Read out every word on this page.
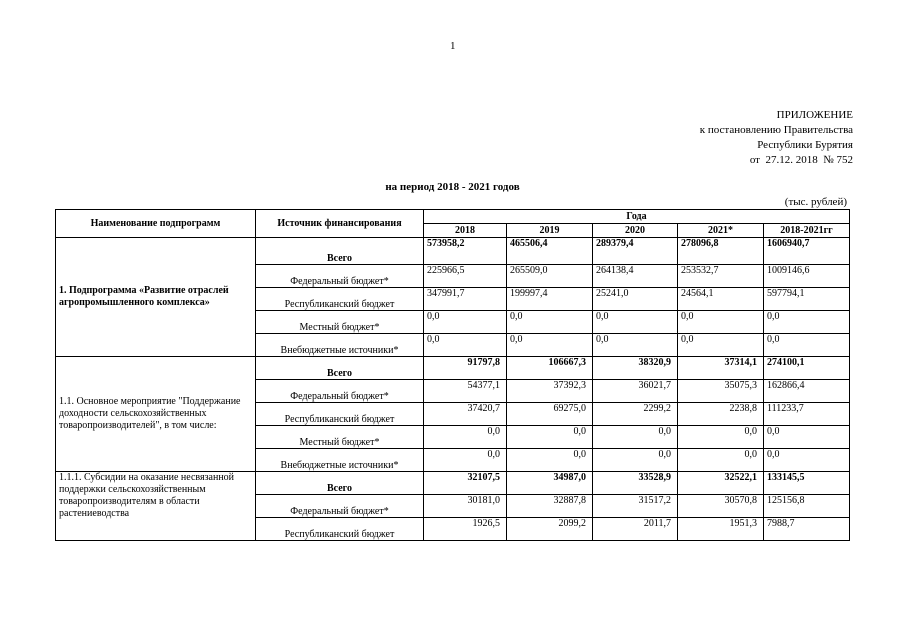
1
ПРИЛОЖЕНИЕ
к постановлению Правительства
Республики Бурятия
от  27.12. 2018  № 752
на период 2018 - 2021 годов
(тыс. рублей)
Наименование подпрограмм	Источник финансирования	Года				
		2018	2019	2020	2021*	2018-2021гг
1. Подпрограмма «Развитие отраслей агропромышленного комплекса»	Всего	573958,2	465506,4	289379,4	278096,8	1606940,7
	Федеральный бюджет*	225966,5	265509,0	264138,4	253532,7	1009146,6
	Республиканский бюджет	347991,7	199997,4	25241,0	24564,1	597794,1
	Местный бюджет*	0,0	0,0	0,0	0,0	0,0
	Внебюджетные источники*	0,0	0,0	0,0	0,0	0,0
1.1. Основное мероприятие "Поддержание доходности сельскохозяйственных товаропроизводителей", в том числе:	Всего	91797,8	106667,3	38320,9	37314,1	274100,1
	Федеральный бюджет*	54377,1	37392,3	36021,7	35075,3	162866,4
	Республиканский бюджет	37420,7	69275,0	2299,2	2238,8	111233,7
	Местный бюджет*	0,0	0,0	0,0	0,0	0,0
	Внебюджетные источники*	0,0	0,0	0,0	0,0	0,0
1.1.1. Субсидии на оказание несвязанной поддержки сельскохозяйственным товаропроизводителям в области растениеводства	Всего	32107,5	34987,0	33528,9	32522,1	133145,5
	Федеральный бюджет*	30181,0	32887,8	31517,2	30570,8	125156,8
	Республиканский бюджет	1926,5	2099,2	2011,7	1951,3	7988,7
